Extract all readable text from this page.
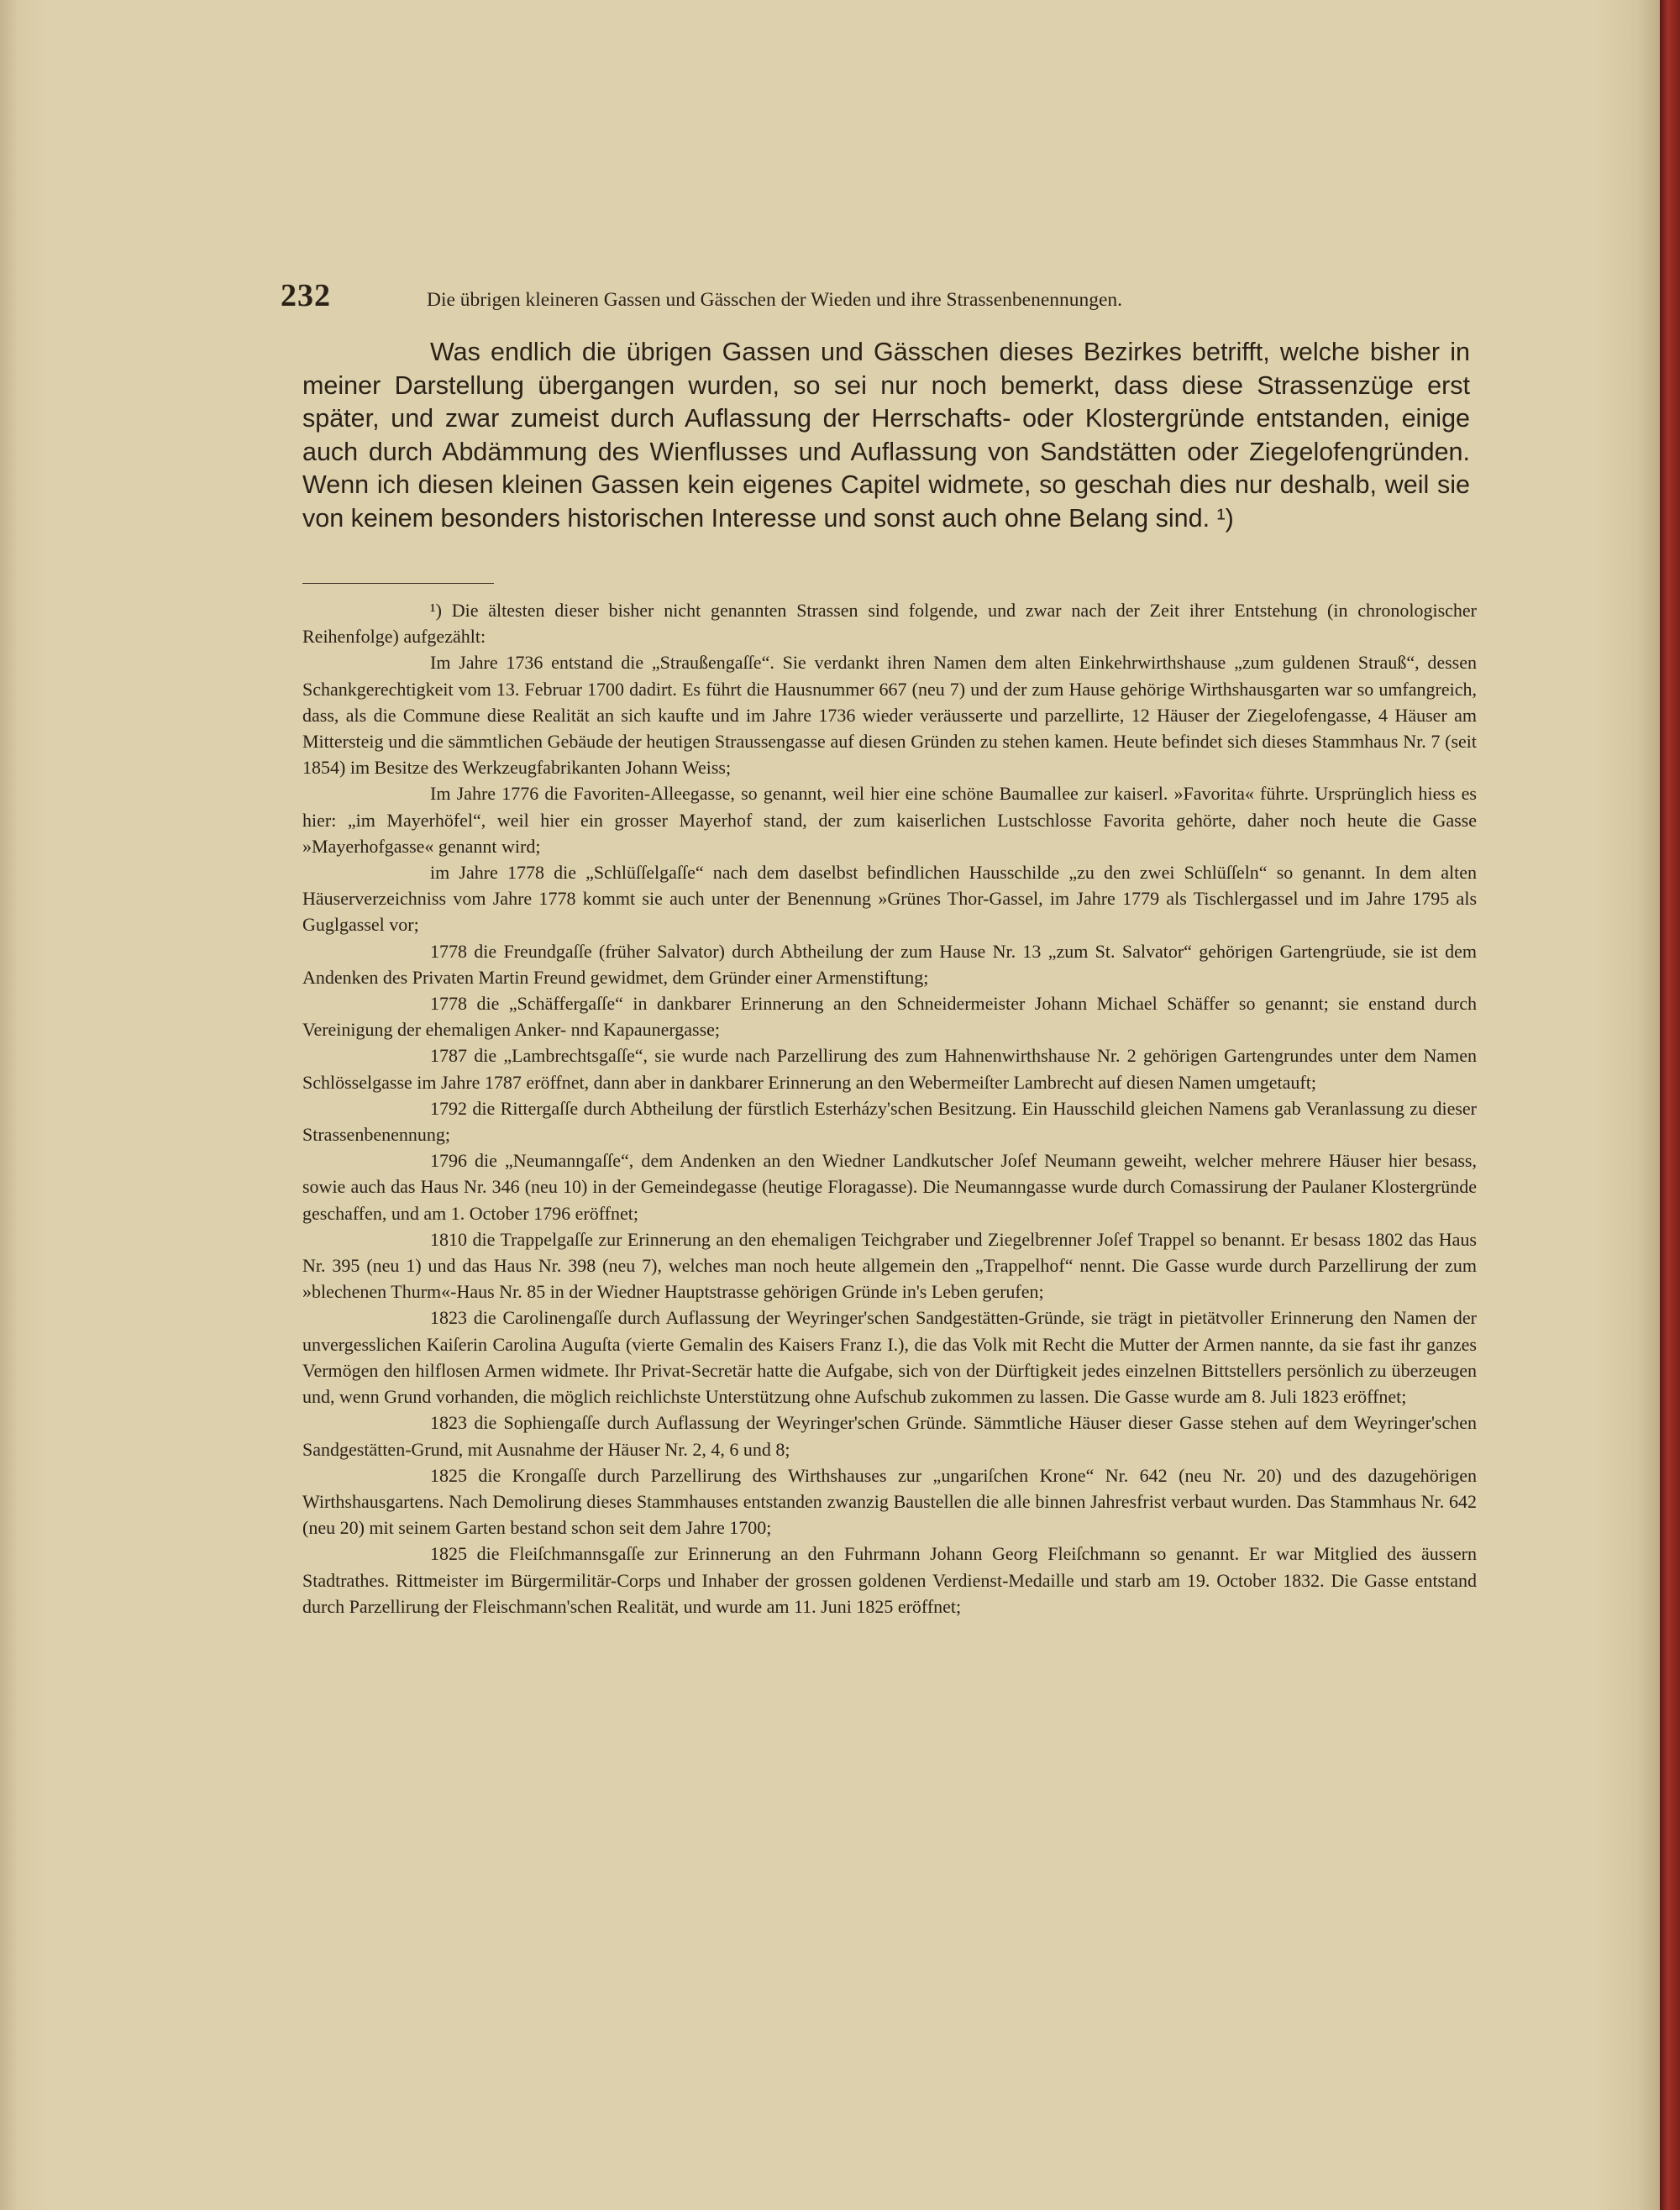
232	Die übrigen kleineren Gassen und Gässchen der Wieden und ihre Strassenbenennungen.

Was endlich die übrigen Gassen und Gässchen dieses Bezirkes betrifft, welche bisher in meiner Darstellung übergangen wurden, so sei nur noch bemerkt, dass diese Strassenzüge erst später, und zwar zumeist durch Auflassung der Herrschafts- oder Klostergründe entstanden, einige auch durch Abdämmung des Wienflusses und Auflassung von Sandstätten oder Ziegelofengründen. Wenn ich diesen kleinen Gassen kein eigenes Capitel widmete, so geschah dies nur deshalb, weil sie von keinem besonders historischen Interesse und sonst auch ohne Belang sind. ¹)

¹) Die ältesten dieser bisher nicht genannten Strassen sind folgende, und zwar nach der Zeit ihrer Entstehung (in chronologischer Reihenfolge) aufgezählt:

Im Jahre 1736 entstand die „Straußengaſſe“. Sie verdankt ihren Namen dem alten Einkehrwirthshause „zum guldenen Strauß“, dessen Schankgerechtigkeit vom 13. Februar 1700 dadirt. Es führt die Hausnummer 667 (neu 7) und der zum Hause gehörige Wirthshausgarten war so umfangreich, dass, als die Commune diese Realität an sich kaufte und im Jahre 1736 wieder veräusserte und parzellirte, 12 Häuser der Ziegelofengasse, 4 Häuser am Mittersteig und die sämmtlichen Gebäude der heutigen Straussengasse auf diesen Gründen zu stehen kamen. Heute befindet sich dieses Stammhaus Nr. 7 (seit 1854) im Besitze des Werkzeugfabrikanten Johann Weiss;

Im Jahre 1776 die Favoriten-Alleegasse, so genannt, weil hier eine schöne Baumallee zur kaiserl. »Favorita« führte. Ursprünglich hiess es hier: „im Mayerhöfel“, weil hier ein grosser Mayerhof stand, der zum kaiserlichen Lustschlosse Favorita gehörte, daher noch heute die Gasse »Mayerhofgasse« genannt wird;

im Jahre 1778 die „Schlüſſelgaſſe“ nach dem daselbst befindlichen Hausschilde „zu den zwei Schlüſſeln“ so genannt. In dem alten Häuserverzeichniss vom Jahre 1778 kommt sie auch unter der Benennung »Grünes Thor-Gassel, im Jahre 1779 als Tischlergassel und im Jahre 1795 als Guglgassel vor;

1778 die Freundgaſſe (früher Salvator) durch Abtheilung der zum Hause Nr. 13 „zum St. Salvator“ gehörigen Gartengrüude, sie ist dem Andenken des Privaten Martin Freund gewidmet, dem Gründer einer Armenstiftung;

1778 die „Schäffergaſſe“ in dankbarer Erinnerung an den Schneidermeister Johann Michael Schäffer so genannt; sie enstand durch Vereinigung der ehemaligen Anker- nnd Kapaunergasse;

1787 die „Lambrechtsgaſſe“, sie wurde nach Parzellirung des zum Hahnenwirthshause Nr. 2 gehörigen Gartengrundes unter dem Namen Schlösselgasse im Jahre 1787 eröffnet, dann aber in dankbarer Erinnerung an den Webermeiſter Lambrecht auf diesen Namen umgetauft;

1792 die Rittergaſſe durch Abtheilung der fürstlich Esterházy'schen Besitzung. Ein Hausschild gleichen Namens gab Veranlassung zu dieser Strassenbenennung;

1796 die „Neumanngaſſe“, dem Andenken an den Wiedner Landkutscher Joſef Neumann geweiht, welcher mehrere Häuser hier besass, sowie auch das Haus Nr. 346 (neu 10) in der Gemeindegasse (heutige Floragasse). Die Neumanngasse wurde durch Comassirung der Paulaner Klostergründe geschaffen, und am 1. October 1796 eröffnet;

1810 die Trappelgaſſe zur Erinnerung an den ehemaligen Teichgraber und Ziegelbrenner Joſef Trappel so benannt. Er besass 1802 das Haus Nr. 395 (neu 1) und das Haus Nr. 398 (neu 7), welches man noch heute allgemein den „Trappelhof“ nennt. Die Gasse wurde durch Parzellirung der zum »blechenen Thurm«-Haus Nr. 85 in der Wiedner Hauptstrasse gehörigen Gründe in's Leben gerufen;

1823 die Carolinengaſſe durch Auflassung der Weyringer'schen Sandgestätten-Gründe, sie trägt in pietätvoller Erinnerung den Namen der unvergesslichen Kaiſerin Carolina Auguſta (vierte Gemalin des Kaisers Franz I.), die das Volk mit Recht die Mutter der Armen nannte, da sie fast ihr ganzes Vermögen den hilflosen Armen widmete. Ihr Privat-Secretär hatte die Aufgabe, sich von der Dürftigkeit jedes einzelnen Bittstellers persönlich zu überzeugen und, wenn Grund vorhanden, die möglich reichlichste Unterstützung ohne Aufschub zukommen zu lassen. Die Gasse wurde am 8. Juli 1823 eröffnet;

1823 die Sophiengaſſe durch Auflassung der Weyringer'schen Gründe. Sämmtliche Häuser dieser Gasse stehen auf dem Weyringer'schen Sandgestätten-Grund, mit Ausnahme der Häuser Nr. 2, 4, 6 und 8;

1825 die Krongaſſe durch Parzellirung des Wirthshauses zur „ungariſchen Krone“ Nr. 642 (neu Nr. 20) und des dazugehörigen Wirthshausgartens. Nach Demolirung dieses Stammhauses entstanden zwanzig Baustellen die alle binnen Jahresfrist verbaut wurden. Das Stammhaus Nr. 642 (neu 20) mit seinem Garten bestand schon seit dem Jahre 1700;

1825 die Fleiſchmannsgaſſe zur Erinnerung an den Fuhrmann Johann Georg Fleiſchmann so genannt. Er war Mitglied des äussern Stadtrathes. Rittmeister im Bürgermilitär-Corps und Inhaber der grossen goldenen Verdienst-Medaille und starb am 19. October 1832. Die Gasse entstand durch Parzellirung der Fleischmann'schen Realität, und wurde am 11. Juni 1825 eröffnet;
